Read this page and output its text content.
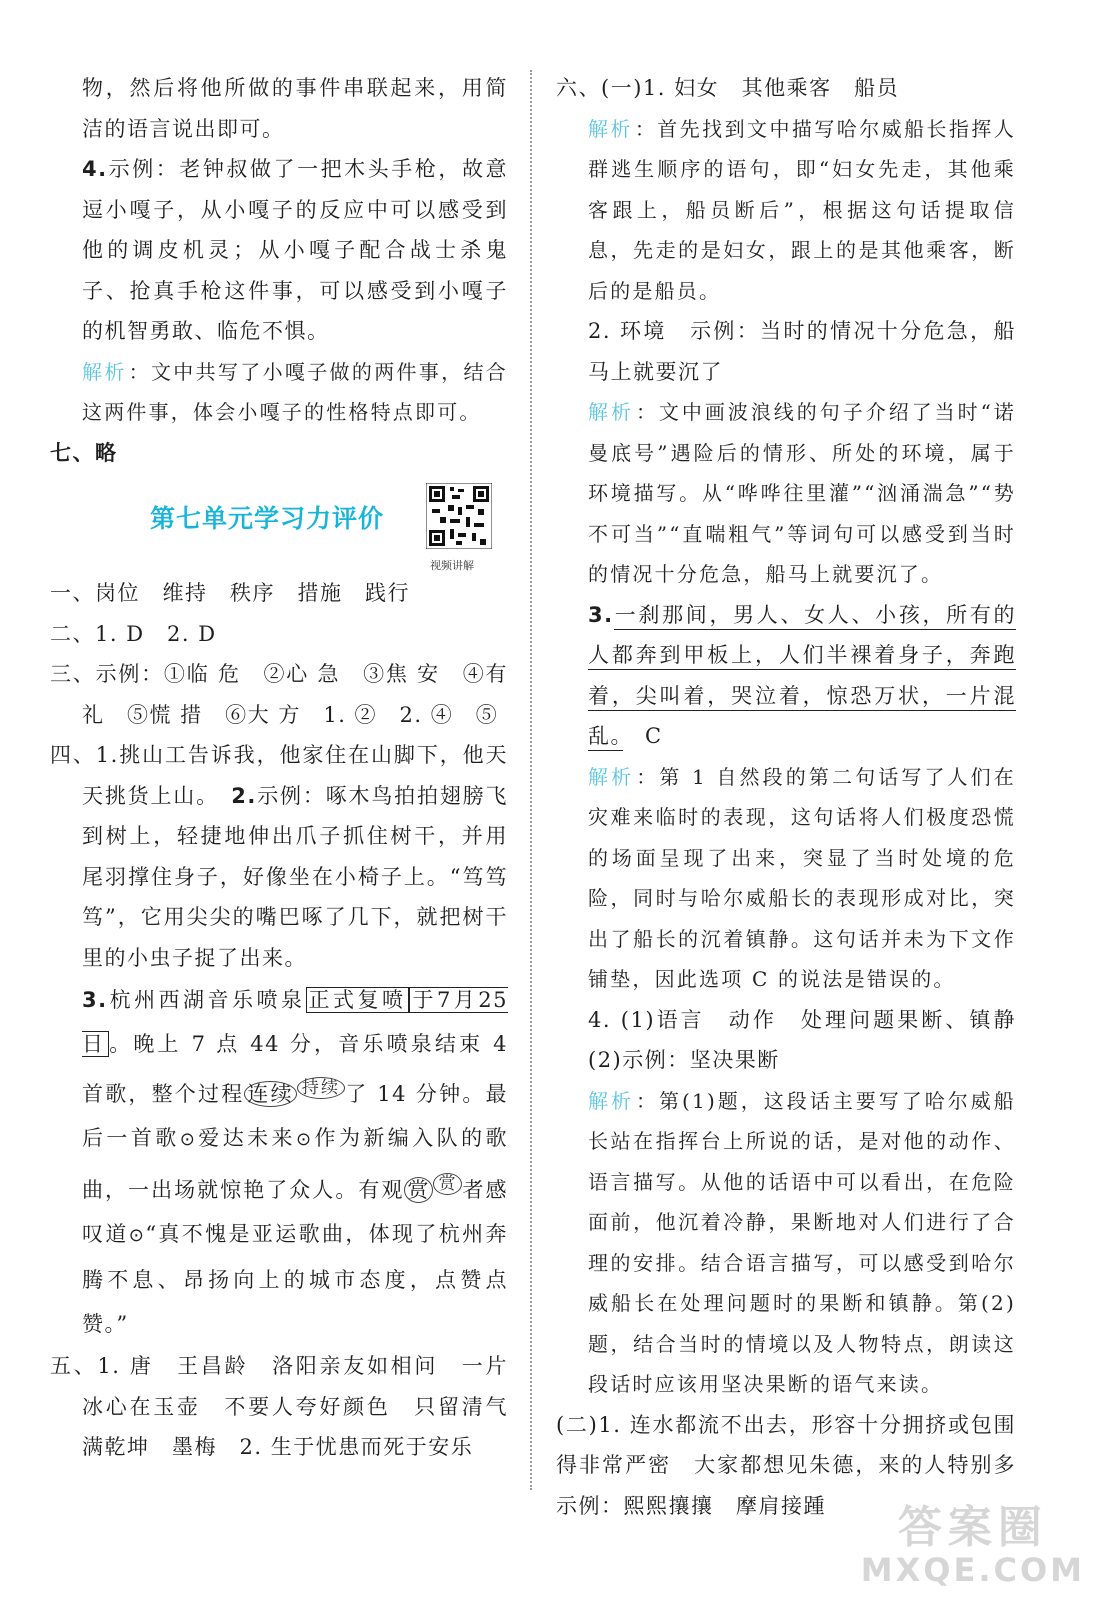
物，然后将他所做的事件串联起来，用简洁的语言说出即可。

4.示例：老钟叔做了一把木头手枪，故意逗小嘎子，从小嘎子的反应中可以感受到他的调皮机灵；从小嘎子配合战士杀鬼子、抢真手枪这件事，可以感受到小嘎子的机智勇敢、临危不惧。

解析 ：文中共写了小嘎子做的两件事，结合这两件事，体会小嘎子的性格特点即可。

七、略

第七单元学习力评价
视频讲解

一、岗位　维持　秩序　措施　践行

二、1. D　2. D

三、示例：①临 危　②心 急　③焦 安　④有礼　⑤慌 措　⑥大 方　1. ②　2. ④　⑤

四、1.挑山工告诉我，他家住在山脚下，他天天挑货上山。　 2.示例：啄木鸟拍拍翅膀飞到树上，轻捷地伸出爪子抓住树干，并用尾羽撑住身子，好像坐在小椅子上。“笃笃笃”，它用尖尖的嘴巴啄了几下，就把树干里的小虫子捉了出来。

3.杭州西湖音乐喷泉 正式复喷 于7月25日 。晚上 7 点 44 分，音乐喷泉结束 4 首歌，整个过程 连续 $^{持续}$ 了 14 分钟。最后一首歌⊙爱达未来⊙作为新编入队的歌曲，一出场就惊艳了众人。有观 赏 $^赏$ 者感叹道⊙“真不愧是亚运歌曲，体现了杭州奔腾不息、昂扬向上的城市态度，点赞点赞。”

五、1. 唐　王昌龄　洛阳亲友如相问　一片冰心在玉壶　不要人夸好颜色　只留清气满乾坤　墨梅　2. 生于忧患而死于安乐

六、(一)1. 妇女　其他乘客　船员

解析 ：首先找到文中描写哈尔威船长指挥人群逃生顺序的语句，即“妇女先走，其他乘客跟上，船员断后”，根据这句话提取信息，先走的是妇女，跟上的是其他乘客，断后的是船员。

2. 环境　示例：当时的情况十分危急，船马上就要沉了

解析 ：文中画波浪线的句子介绍了当时“诺曼底号”遇险后的情形、所处的环境，属于环境描写。从“哗哗往里灌”“汹涌湍急”“势不可当”“直喘粗气”等词句可以感受到当时的情况十分危急，船马上就要沉了。

3.一刹那间，男人、女人、小孩，所有的人都奔到甲板上，人们半裸着身子，奔跑着，尖叫着，哭泣着，惊恐万状，一片混乱。　 C

解析 ：第 1 自然段的第二句话写了人们在灾难来临时的表现，这句话将人们极度恐慌的场面呈现了出来，突显了当时处境的危险，同时与哈尔威船长的表现形成对比，突出了船长的沉着镇静。这句话并未为下文作铺垫，因此选项 C 的说法是错误的。

4. (1)语言　动作　处理问题果断、镇静　(2)示例：坚决果断

解析 ：第(1)题，这段话主要写了哈尔威船长站在指挥台上所说的话，是对他的动作、语言描写。从他的话语中可以看出，在危险面前，他沉着冷静，果断地对人们进行了合理的安排。结合语言描写，可以感受到哈尔威船长在处理问题时的果断和镇静。第(2)题，结合当时的情境以及人物特点，朗读这段话时应该用坚决果断的语气来读。

(二)1. 连水都流不出去，形容十分拥挤或包围得非常严密　大家都想见朱德，来的人特别多　示例：熙熙攘攘　摩肩接踵	答案圈
MXQE.COM
